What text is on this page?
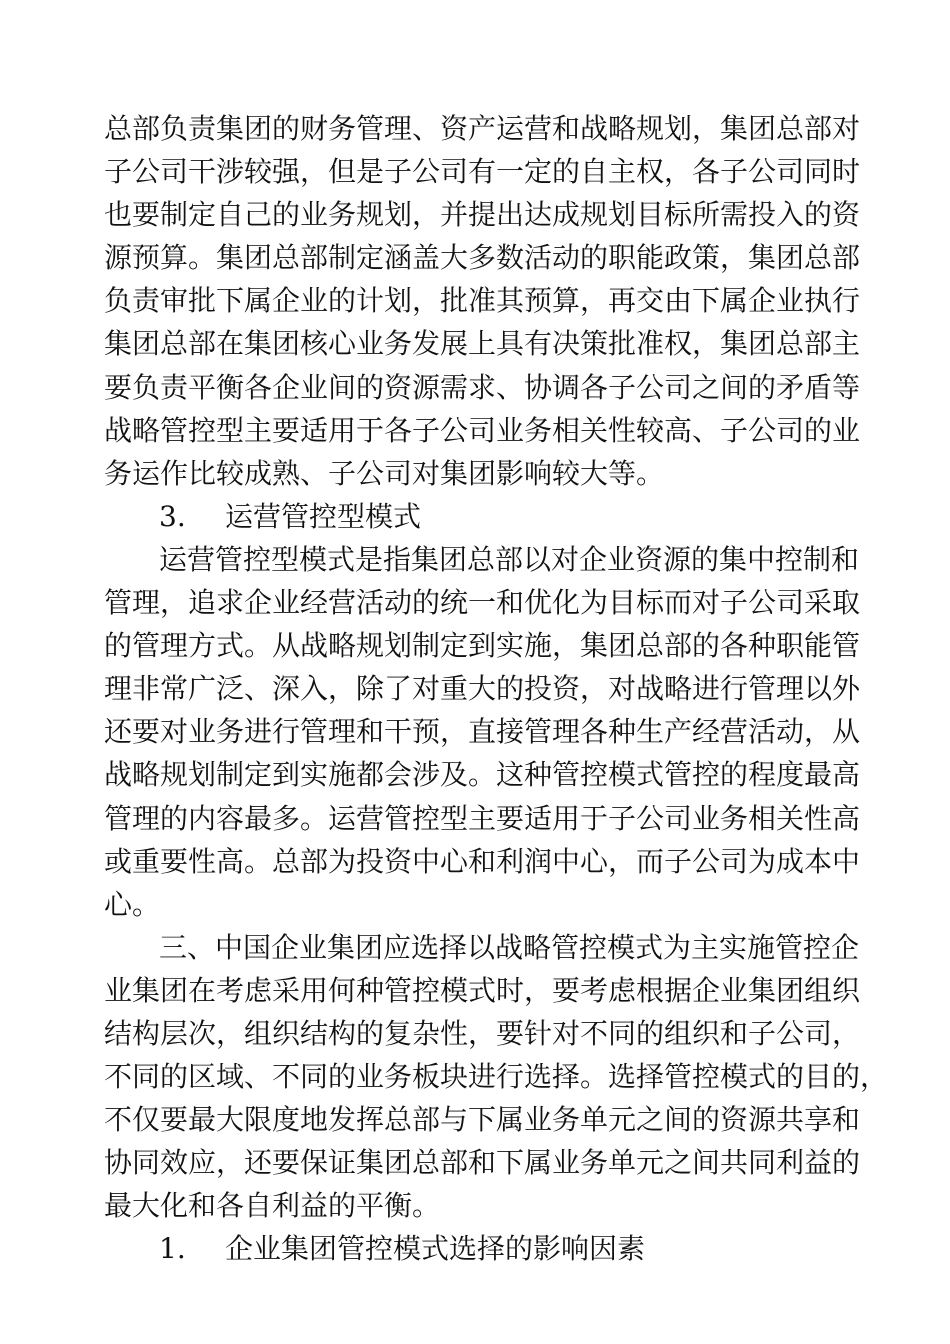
总部负责集团的财务管理、资产运营和战略规划，集团总部对
子公司干涉较强，但是子公司有一定的自主权，各子公司同时
也要制定自己的业务规划，并提出达成规划目标所需投入的资
源预算。集团总部制定涵盖大多数活动的职能政策，集团总部
负责审批下属企业的计划，批准其预算，再交由下属企业执行
集团总部在集团核心业务发展上具有决策批准权，集团总部主
要负责平衡各企业间的资源需求、协调各子公司之间的矛盾等
战略管控型主要适用于各子公司业务相关性较高、子公司的业
务运作比较成熟、子公司对集团影响较大等。
3. 运营管控型模式
运营管控型模式是指集团总部以对企业资源的集中控制和
管理，追求企业经营活动的统一和优化为目标而对子公司采取
的管理方式。从战略规划制定到实施，集团总部的各种职能管
理非常广泛、深入，除了对重大的投资，对战略进行管理以外
还要对业务进行管理和干预，直接管理各种生产经营活动，从
战略规划制定到实施都会涉及。这种管控模式管控的程度最高
管理的内容最多。运营管控型主要适用于子公司业务相关性高
或重要性高。总部为投资中心和利润中心，而子公司为成本中
心。
三、中国企业集团应选择以战略管控模式为主实施管控企
业集团在考虑采用何种管控模式时，要考虑根据企业集团组织
结构层次，组织结构的复杂性，要针对不同的组织和子公司，
不同的区域、不同的业务板块进行选择。选择管控模式的目的，
不仅要最大限度地发挥总部与下属业务单元之间的资源共享和
协同效应，还要保证集团总部和下属业务单元之间共同利益的
最大化和各自利益的平衡。
1. 企业集团管控模式选择的影响因素
